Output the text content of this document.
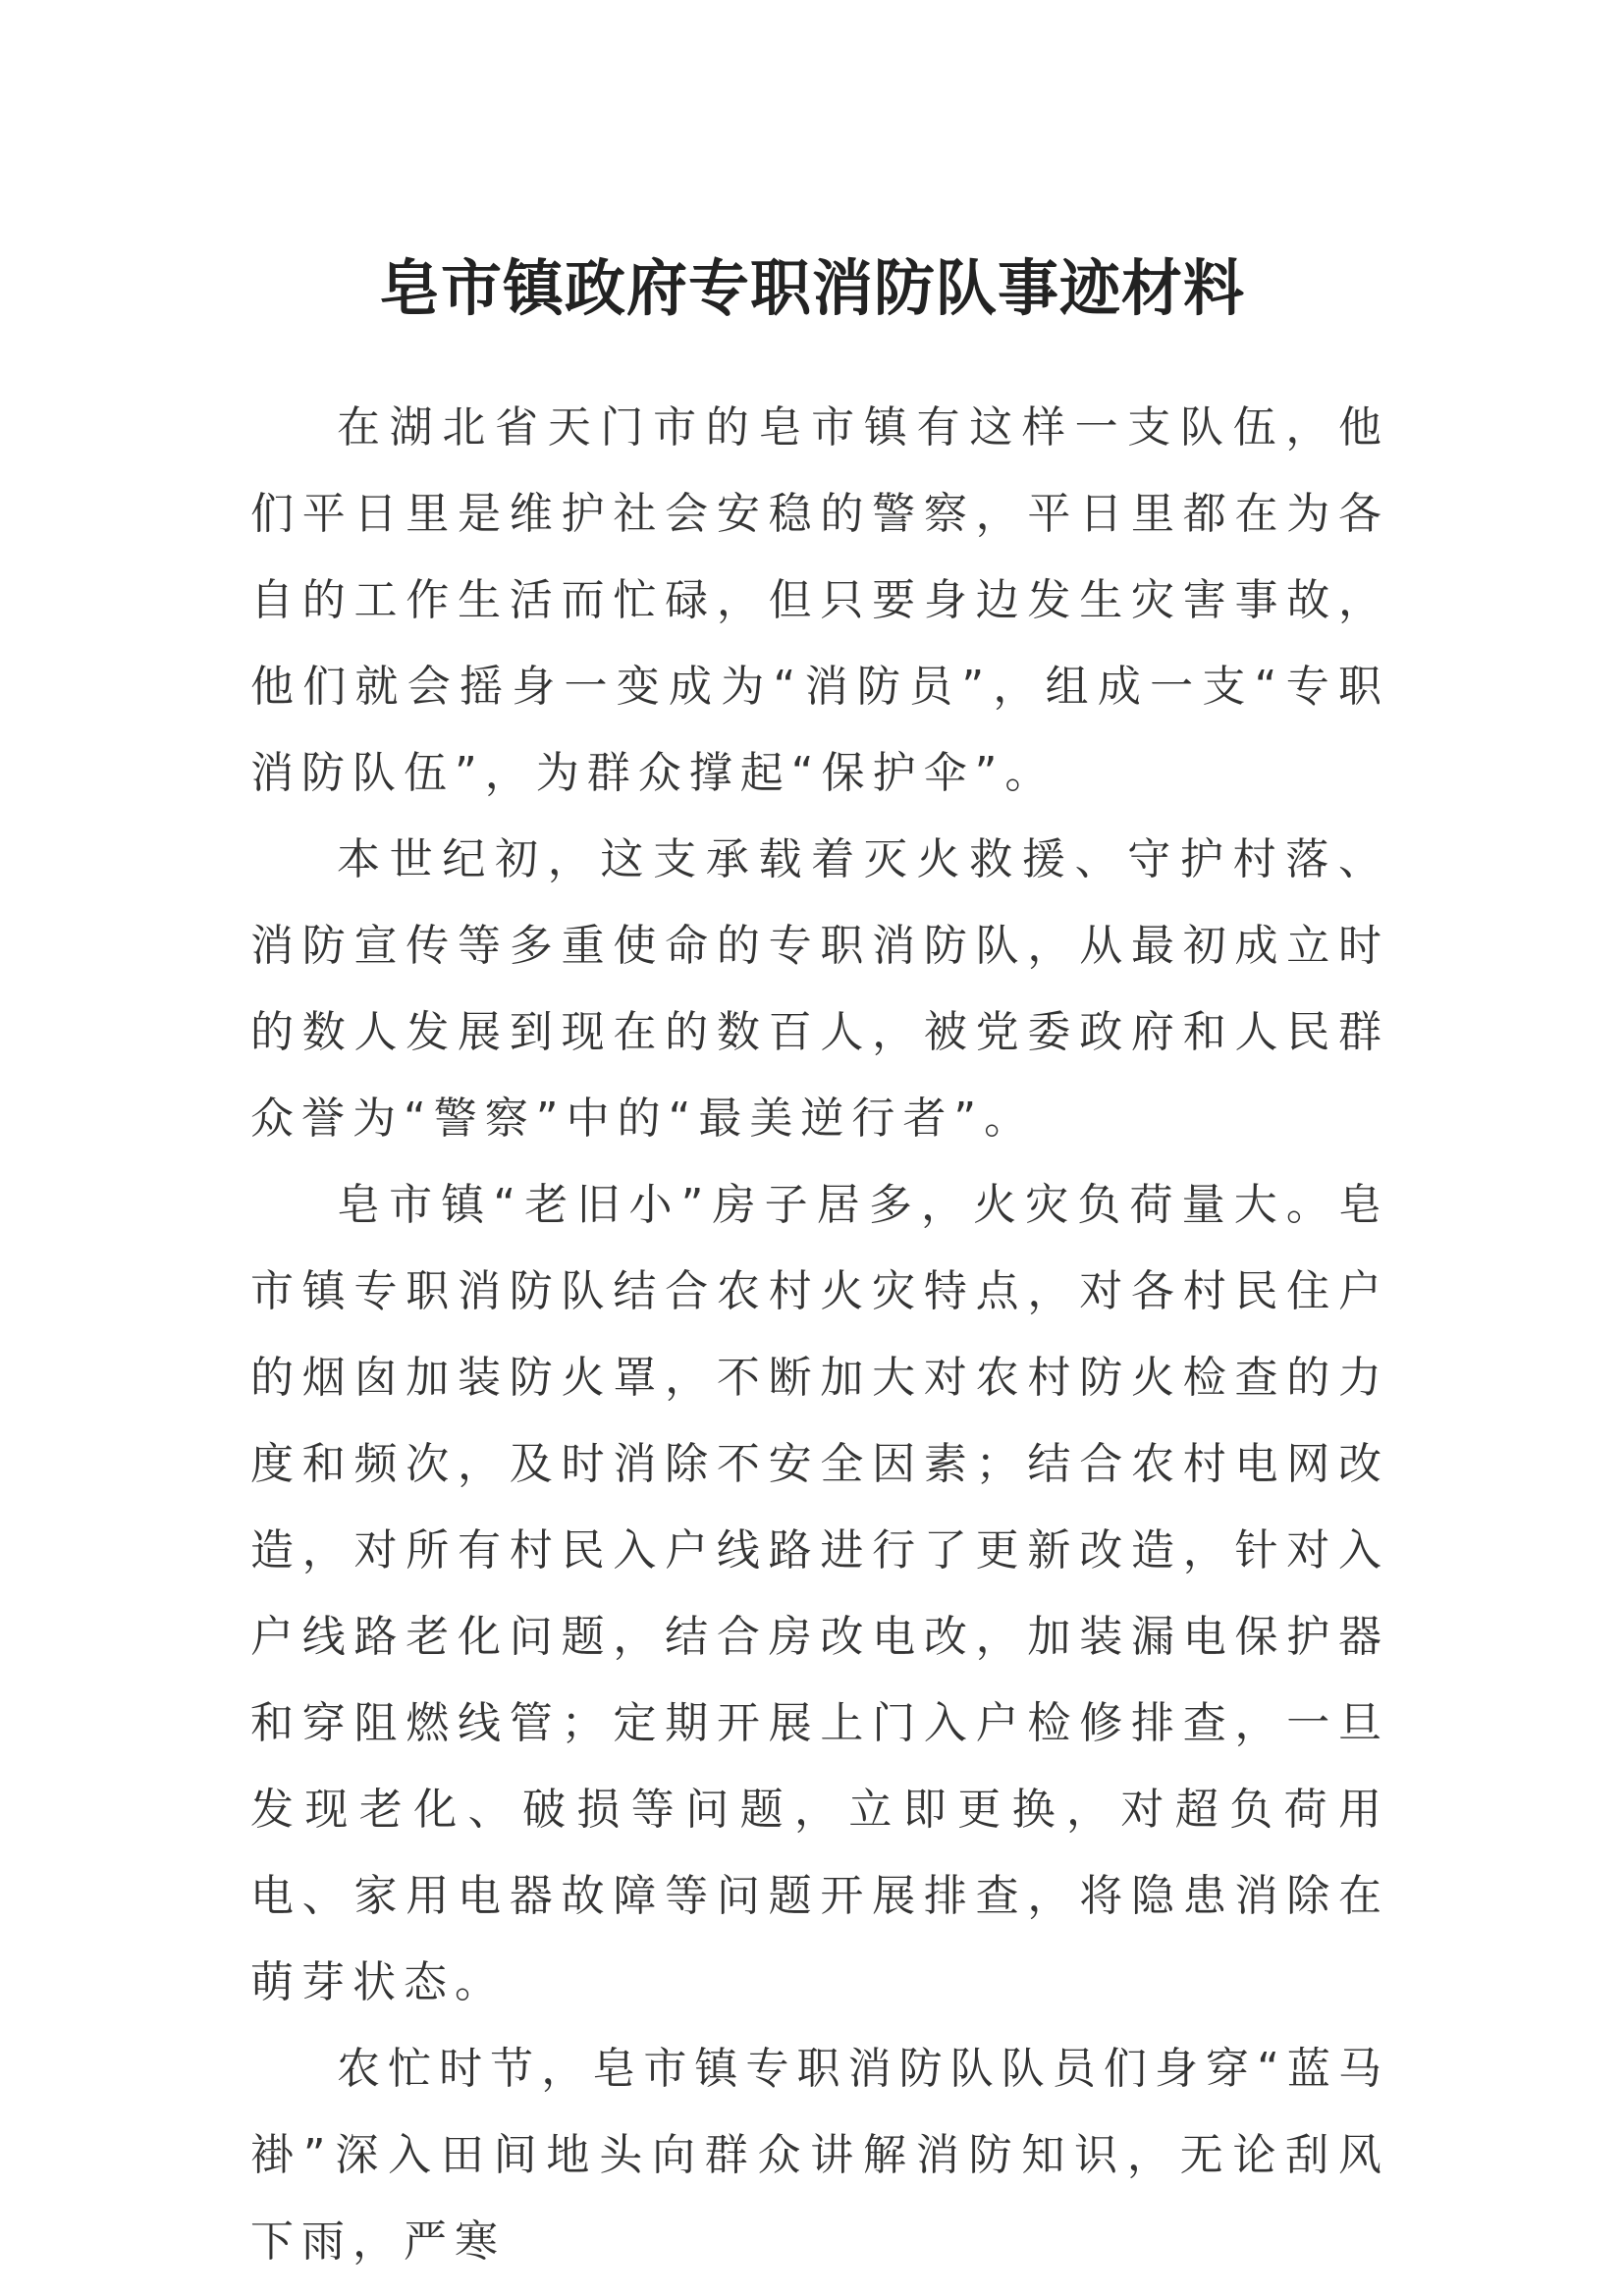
皂市镇政府专职消防队事迹材料

在湖北省天门市的皂市镇有这样一支队伍，他们平日里是维护社会安稳的警察，平日里都在为各自的工作生活而忙碌，但只要身边发生灾害事故，他们就会摇身一变成为“消防员”，组成一支“专职消防队伍”，为群众撑起“保护伞”。

本世纪初，这支承载着灭火救援、守护村落、消防宣传等多重使命的专职消防队，从最初成立时的数人发展到现在的数百人，被党委政府和人民群众誉为“警察”中的“最美逆行者”。

皂市镇“老旧小”房子居多，火灾负荷量大。皂市镇专职消防队结合农村火灾特点，对各村民住户的烟囱加装防火罩，不断加大对农村防火检查的力度和频次，及时消除不安全因素；结合农村电网改造，对所有村民入户线路进行了更新改造，针对入户线路老化问题，结合房改电改，加装漏电保护器和穿阻燃线管；定期开展上门入户检修排查，一旦发现老化、破损等问题，立即更换，对超负荷用电、家用电器故障等问题开展排查，将隐患消除在萌芽状态。

农忙时节，皂市镇专职消防队队员们身穿“蓝马褂”深入田间地头向群众讲解消防知识，无论刮风下雨，严寒
